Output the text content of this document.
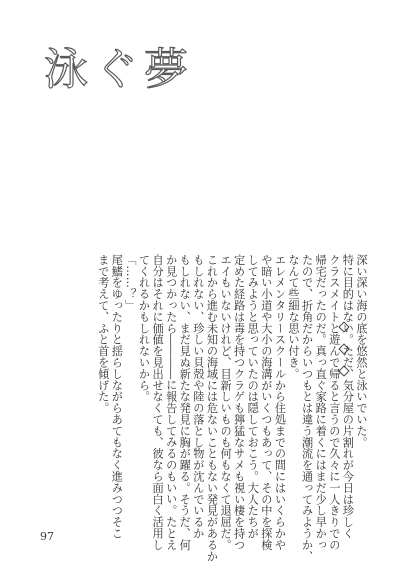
泳ぐ夢

深い深い海の底を悠然と泳いでいた。

特に目的はない。ただ、気分屋の片割れが今日は珍しく

クラスメイトと遊んで帰ると言うので久々に一人きりでの

帰宅だったのだ。真っ直ぐ家路に着くにはまだ少し早かっ

たので、折角だからいつもとは違う潮流を通ってみようか、

なんて些細な思い付き。

エレメンタリースクールから住処までの間にはいくらかや

や暗い小道や大小の海溝がいくつもあって、その中を探検

してみようと思っていたのは隠しておこう。大人たちが

定めた経路は毒を持つクラゲも獰猛なサメも視い棲を持つ

エイもいないけれど、目新しいものも何もなくて退屈だ。

これから進む未知の海域には危ないこともない発見があるか

もしれない、珍しい貝殻や陸の落とし物が沈んでいるか

もしれない、まだ見ぬ新たな発見に胸が躍る。そうだ、何

か見つかったら――――に報告してみるのもいい。たとえ

自分はそれに価値を見出せなくても、彼なら面白く活用し

てくれるかもしれないから。

「……？」

尾鰭をゆったりと揺らしながらあてもなく進みつつそこ

まで考えて、ふと首を傾げた。

97
